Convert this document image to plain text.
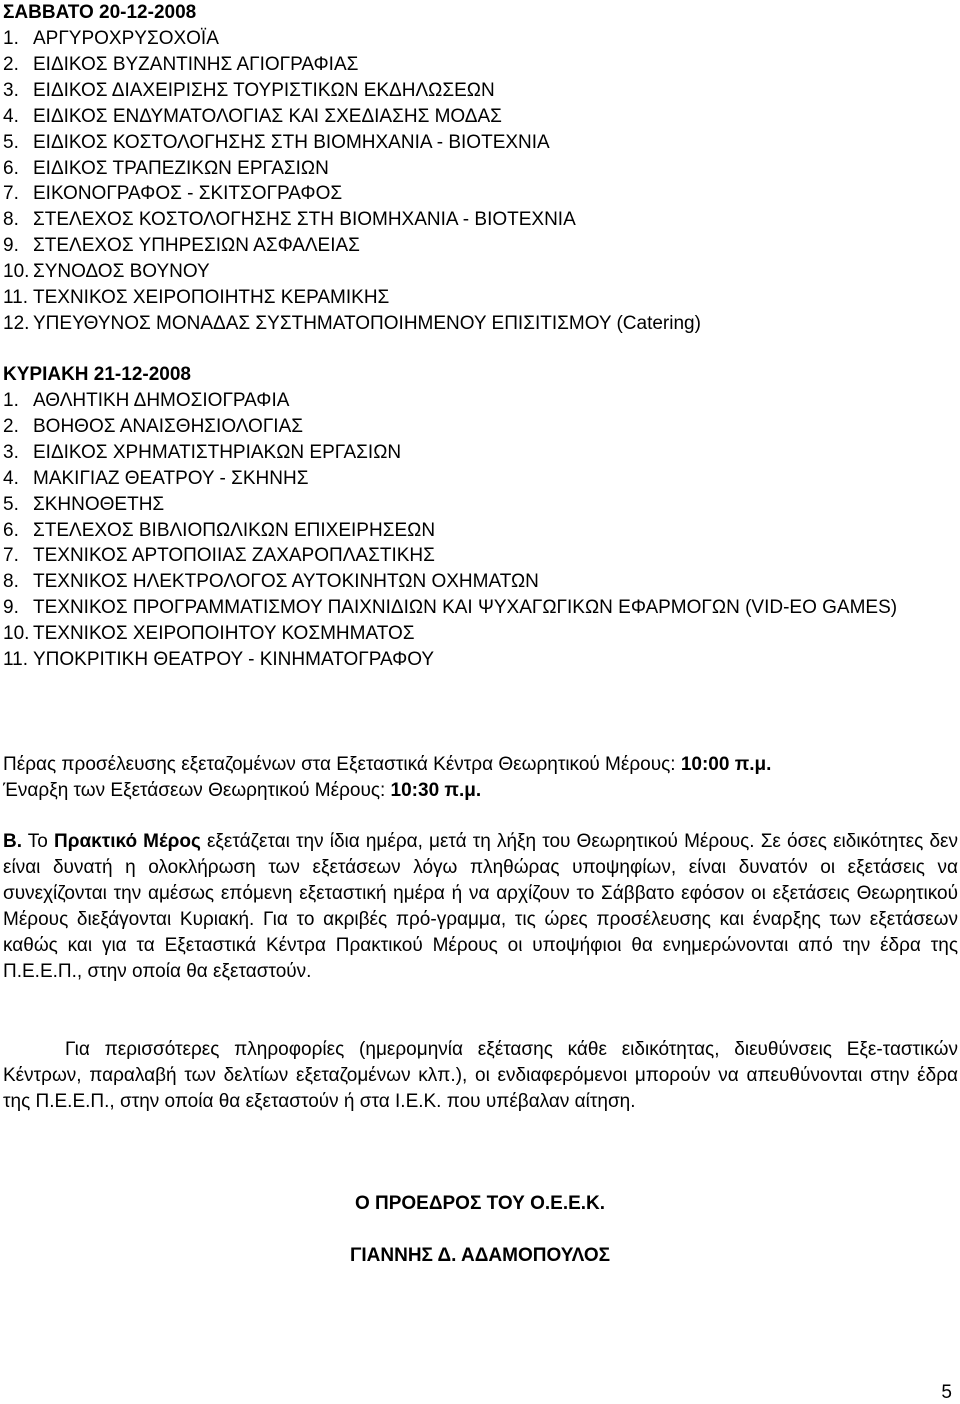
ΣΑΒΒΑΤΟ 20-12-2008
1. ΑΡΓΥΡΟΧΡΥΣΟΧΟΪΑ
2. ΕΙΔΙΚΟΣ ΒΥΖΑΝΤΙΝΗΣ ΑΓΙΟΓΡΑΦΙΑΣ
3. ΕΙΔΙΚΟΣ ΔΙΑΧΕΙΡΙΣΗΣ ΤΟΥΡΙΣΤΙΚΩΝ ΕΚΔΗΛΩΣΕΩΝ
4. ΕΙΔΙΚΟΣ ΕΝΔΥΜΑΤΟΛΟΓΙΑΣ ΚΑΙ ΣΧΕΔΙΑΣΗΣ ΜΟΔΑΣ
5. ΕΙΔΙΚΟΣ ΚΟΣΤΟΛΟΓΗΣΗΣ ΣΤΗ ΒΙΟΜΗΧΑΝΙΑ - ΒΙΟΤΕΧΝΙΑ
6. ΕΙΔΙΚΟΣ ΤΡΑΠΕΖΙΚΩΝ ΕΡΓΑΣΙΩΝ
7. ΕΙΚΟΝΟΓΡΑΦΟΣ - ΣΚΙΤΣΟΓΡΑΦΟΣ
8. ΣΤΕΛΕΧΟΣ ΚΟΣΤΟΛΟΓΗΣΗΣ ΣΤΗ ΒΙΟΜΗΧΑΝΙΑ - ΒΙΟΤΕΧΝΙΑ
9. ΣΤΕΛΕΧΟΣ ΥΠΗΡΕΣΙΩΝ ΑΣΦΑΛΕΙΑΣ
10. ΣΥΝΟΔΟΣ ΒΟΥΝΟΥ
11. ΤΕΧΝΙΚΟΣ ΧΕΙΡΟΠΟΙΗΤΗΣ ΚΕΡΑΜΙΚΗΣ
12. ΥΠΕΥΘΥΝΟΣ ΜΟΝΑΔΑΣ ΣΥΣΤΗΜΑΤΟΠΟΙΗΜΕΝΟΥ ΕΠΙΣΙΤΙΣΜΟΥ (Catering)
ΚΥΡΙΑΚΗ 21-12-2008
1. ΑΘΛΗΤΙΚΗ ΔΗΜΟΣΙΟΓΡΑΦΙΑ
2. ΒΟΗΘΟΣ ΑΝΑΙΣΘΗΣΙΟΛΟΓΙΑΣ
3. ΕΙΔΙΚΟΣ ΧΡΗΜΑΤΙΣΤΗΡΙΑΚΩΝ ΕΡΓΑΣΙΩΝ
4. ΜΑΚΙΓΙΑΖ ΘΕΑΤΡΟΥ - ΣΚΗΝΗΣ
5. ΣΚΗΝΟΘΕΤΗΣ
6. ΣΤΕΛΕΧΟΣ ΒΙΒΛΙΟΠΩΛΙΚΩΝ ΕΠΙΧΕΙΡΗΣΕΩΝ
7. ΤΕΧΝΙΚΟΣ ΑΡΤΟΠΟΙΙΑΣ ΖΑΧΑΡΟΠΛΑΣΤΙΚΗΣ
8. ΤΕΧΝΙΚΟΣ ΗΛΕΚΤΡΟΛΟΓΟΣ ΑΥΤΟΚΙΝΗΤΩΝ ΟΧΗΜΑΤΩΝ
9. ΤΕΧΝΙΚΟΣ ΠΡΟΓΡΑΜΜΑΤΙΣΜΟΥ ΠΑΙΧΝΙΔΙΩΝ ΚΑΙ ΨΥΧΑΓΩΓΙΚΩΝ ΕΦΑΡΜΟΓΩΝ (VID-EO GAMES)
10. ΤΕΧΝΙΚΟΣ ΧΕΙΡΟΠΟΙΗΤΟΥ ΚΟΣΜΗΜΑΤΟΣ
11. ΥΠΟΚΡΙΤΙΚΗ ΘΕΑΤΡΟΥ - ΚΙΝΗΜΑΤΟΓΡΑΦΟΥ
Πέρας προσέλευσης εξεταζομένων στα Εξεταστικά Κέντρα Θεωρητικού Μέρους: 10:00 π.μ.
Έναρξη των Εξετάσεων Θεωρητικού Μέρους: 10:30 π.μ.

Β. Το Πρακτικό Μέρος εξετάζεται την ίδια ημέρα, μετά τη λήξη του Θεωρητικού Μέρους. Σε όσες ειδικότητες δεν είναι δυνατή η ολοκλήρωση των εξετάσεων λόγω πληθώρας υποψηφίων, είναι δυνατόν οι εξετάσεις να συνεχίζονται την αμέσως επόμενη εξεταστική ημέρα ή να αρχίζουν το Σάββατο εφόσον οι εξετάσεις Θεωρητικού Μέρους διεξάγονται Κυριακή. Για το ακριβές πρό-γραμμα, τις ώρες προσέλευσης και έναρξης των εξετάσεων καθώς και για τα Εξεταστικά Κέντρα Πρακτικού Μέρους οι υποψήφιοι θα ενημερώνονται από την έδρα της Π.Ε.Ε.Π., στην οποία θα εξεταστούν.

Για περισσότερες πληροφορίες (ημερομηνία εξέτασης κάθε ειδικότητας, διευθύνσεις Εξε-ταστικών Κέντρων, παραλαβή των δελτίων εξεταζομένων κλπ.), οι ενδιαφερόμενοι μπορούν να απευθύνονται στην έδρα της Π.Ε.Ε.Π., στην οποία θα εξεταστούν ή στα Ι.Ε.Κ. που υπέβαλαν αίτηση.

Ο ΠΡΟΕΔΡΟΣ ΤΟΥ Ο.Ε.Ε.Κ.
ΓΙΑΝΝΗΣ Δ. ΑΔΑΜΟΠΟΥΛΟΣ
5
